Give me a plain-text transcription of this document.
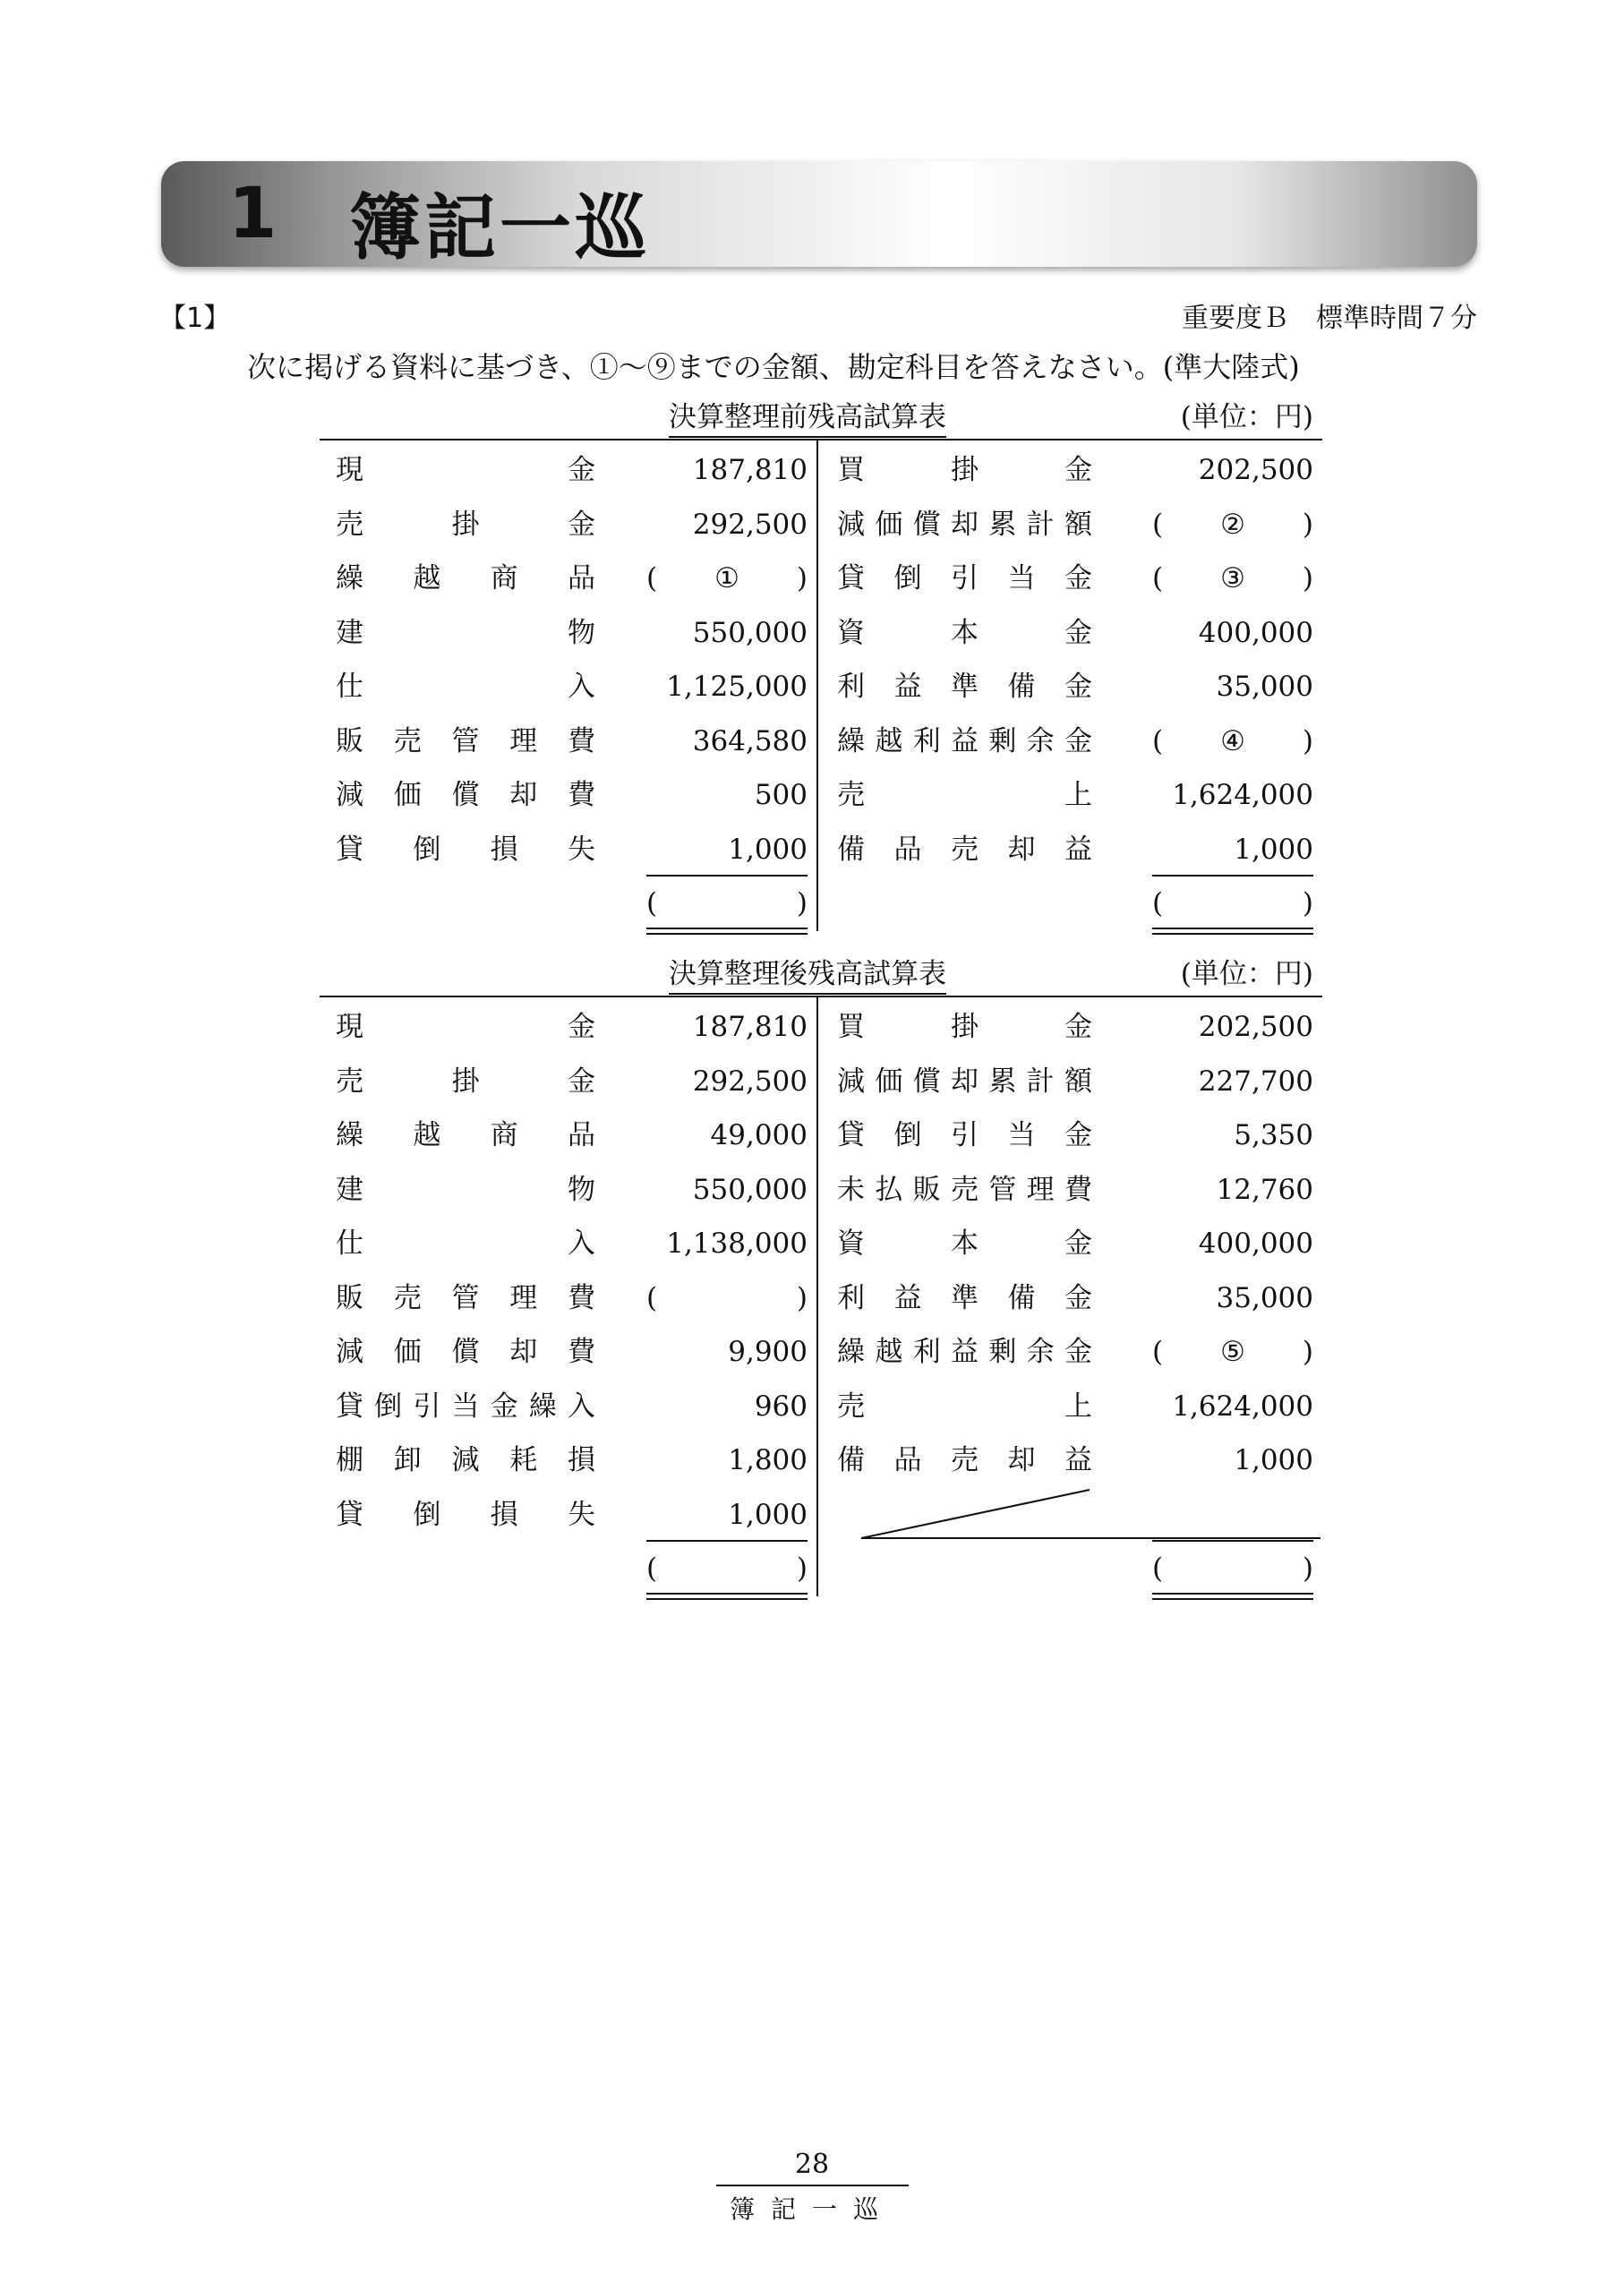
1 簿記一巡
【1】	重要度Ｂ　標準時間７分
次に掲げる資料に基づき、①～⑨までの金額、勘定科目を答えなさい。(準大陸式)
決算整理前残高試算表	(単位：円)
現	金	187,810 買	掛	金	202,500
売	掛	金	292,500 減 価 償 却 累 計 額 (	②	)
繰 越 商 品 (	①	) 貸 倒 引 当 金 (	③	)
建	物	550,000 資	本	金	400,000
仕	入	1,125,000 利 益 準 備 金	35,000
販 売 管 理 費	364,580 繰 越 利 益 剰 余 金 (	④	)
減 価 償 却 費	500 売	上	1,624,000
貸 倒 損 失	1,000 備 品 売 却 益	1,000
(	)	(	)
決算整理後残高試算表	(単位：円)
現	金	187,810 買	掛	金	202,500
売	掛	金	292,500 減 価 償 却 累 計 額	227,700
繰 越 商 品	49,000 貸 倒 引 当 金	5,350
建	物	550,000 未 払 販 売 管 理 費	12,760
仕	入	1,138,000 資	本	金	400,000
販 売 管 理 費 (	) 利 益 準 備 金	35,000
減 価 償 却 費	9,900 繰 越 利 益 剰 余 金 (	⑤	)
貸 倒 引 当 金 繰 入	960 売	上	1,624,000
棚 卸 減 耗 損	1,800 備 品 売 却 益	1,000
貸 倒 損 失	1,000
(	)	(	)
28
簿記一巡
